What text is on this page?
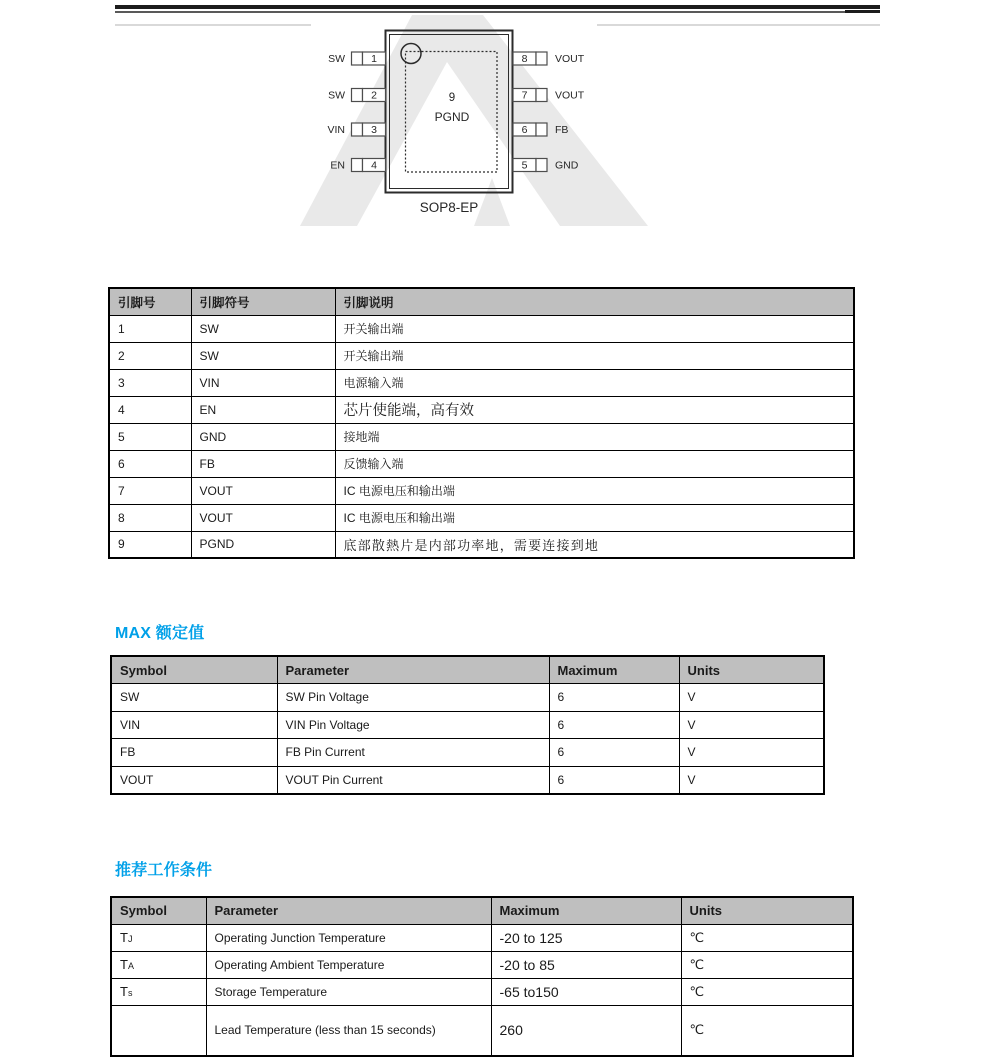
SW
SW
VIN
EN
1
2
3
4
8
7
6
5
VOUT
VOUT
FB
GND
9
PGND
SOP8-EP
引脚号	引脚符号	引脚说明
1	SW	开关输出端
2	SW	开关输出端
3	VIN	电源输入端
4	EN	芯片使能端，高有效
5	GND	接地端
6	FB	反馈输入端
7	VOUT	IC 电源电压和输出端
8	VOUT	IC 电源电压和输出端
9	PGND	底部散熱片是内部功率地，需要连接到地
MAX 额定值
Symbol	Parameter	Maximum	Units
SW	SW Pin Voltage	6	V
VIN	VIN Pin Voltage	6	V
FB	FB Pin Current	6	V
VOUT	VOUT Pin Current	6	V
推荐工作条件
Symbol	Parameter	Maximum	Units
TJ	Operating Junction Temperature	-20 to 125	℃
TA	Operating Ambient Temperature	-20 to 85	℃
Ts	Storage Temperature	-65 to150	℃
	Lead Temperature (less than 15 seconds)	260	℃
